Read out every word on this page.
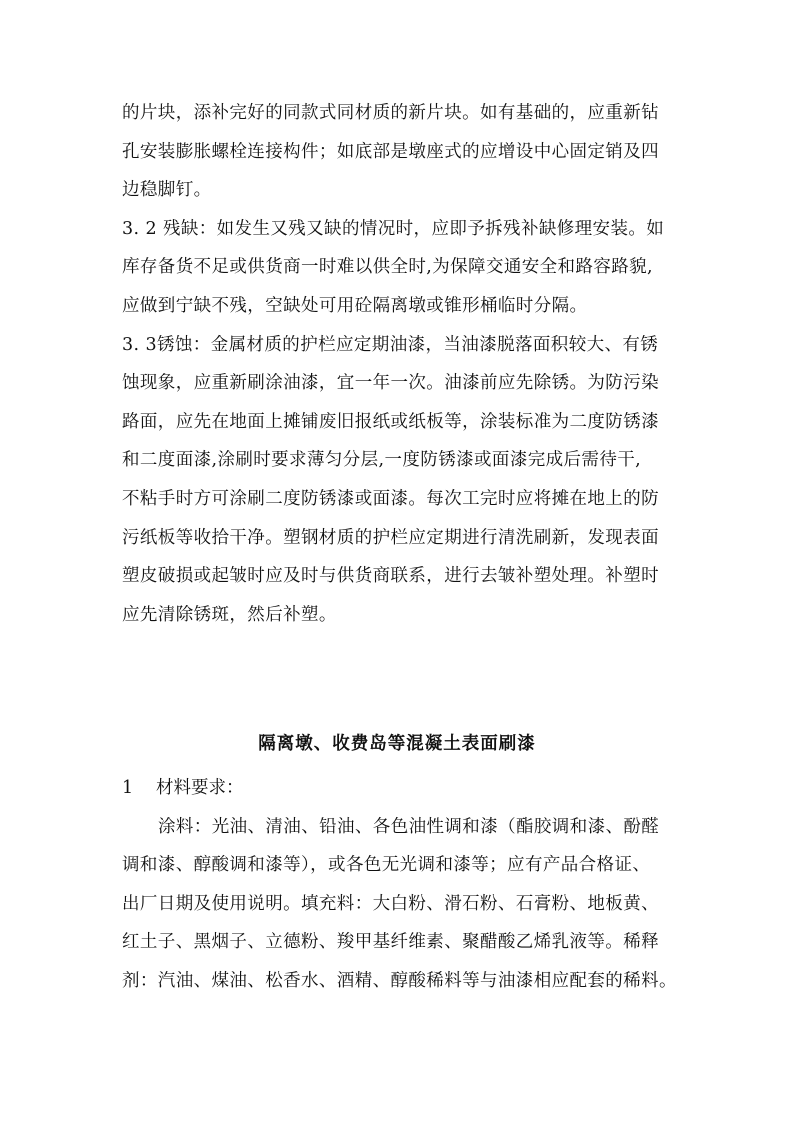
的片块，添补完好的同款式同材质的新片块。如有基础的，应重新钻
孔安装膨胀螺栓连接构件；如底部是墩座式的应增设中心固定销及四
边稳脚钉。
3. 2 残缺：如发生又残又缺的情况时，应即予拆残补缺修理安装。如
库存备货不足或供货商一时难以供全时,为保障交通安全和路容路貌,
应做到宁缺不残，空缺处可用砼隔离墩或锥形桶临时分隔。
3. 3锈蚀：金属材质的护栏应定期油漆，当油漆脱落面积较大、有锈
蚀现象，应重新刷涂油漆，宜一年一次。油漆前应先除锈。为防污染
路面，应先在地面上摊铺废旧报纸或纸板等，涂装标准为二度防锈漆
和二度面漆,涂刷时要求薄匀分层,一度防锈漆或面漆完成后需待干,
不粘手时方可涂刷二度防锈漆或面漆。每次工完时应将摊在地上的防
污纸板等收拾干净。塑钢材质的护栏应定期进行清洗刷新，发现表面
塑皮破损或起皱时应及时与供货商联系，进行去皱补塑处理。补塑时
应先清除锈斑，然后补塑。
隔离墩、收费岛等混凝土表面刷漆
1 材料要求：
涂料：光油、清油、铅油、各色油性调和漆（酯胶调和漆、酚醛
调和漆、醇酸调和漆等），或各色无光调和漆等；应有产品合格证、
出厂日期及使用说明。填充料：大白粉、滑石粉、石膏粉、地板黄、
红土子、黑烟子、立德粉、羧甲基纤维素、聚醋酸乙烯乳液等。稀释
剂：汽油、煤油、松香水、酒精、醇酸稀料等与油漆相应配套的稀料。
